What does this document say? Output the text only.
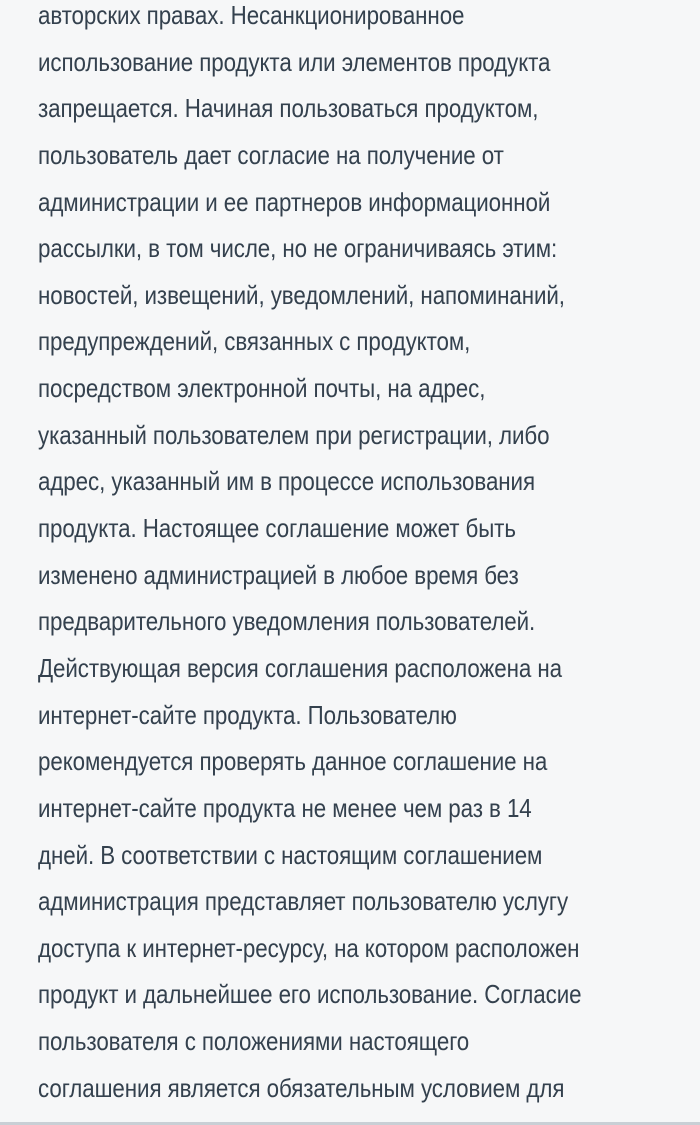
авторских правах. Несанкционированное
использование продукта или элементов продукта
запрещается. Начиная пользоваться продуктом,
пользователь дает согласие на получение от
администрации и ее партнеров информационной
рассылки, в том числе, но не ограничиваясь этим:
новостей, извещений, уведомлений, напоминаний,
предупреждений, связанных с продуктом,
посредством электронной почты, на адрес,
указанный пользователем при регистрации, либо
адрес, указанный им в процессе использования
продукта. Настоящее соглашение может быть
изменено администрацией в любое время без
предварительного уведомления пользователей.
Действующая версия соглашения расположена на
интернет-сайте продукта. Пользователю
рекомендуется проверять данное соглашение на
интернет-сайте продукта не менее чем раз в 14
дней. В соответствии с настоящим соглашением
администрация представляет пользователю услугу
доступа к интернет-ресурсу, на котором расположен
продукт и дальнейшее его использование. Согласие
пользователя с положениями настоящего
соглашения является обязательным условием для
